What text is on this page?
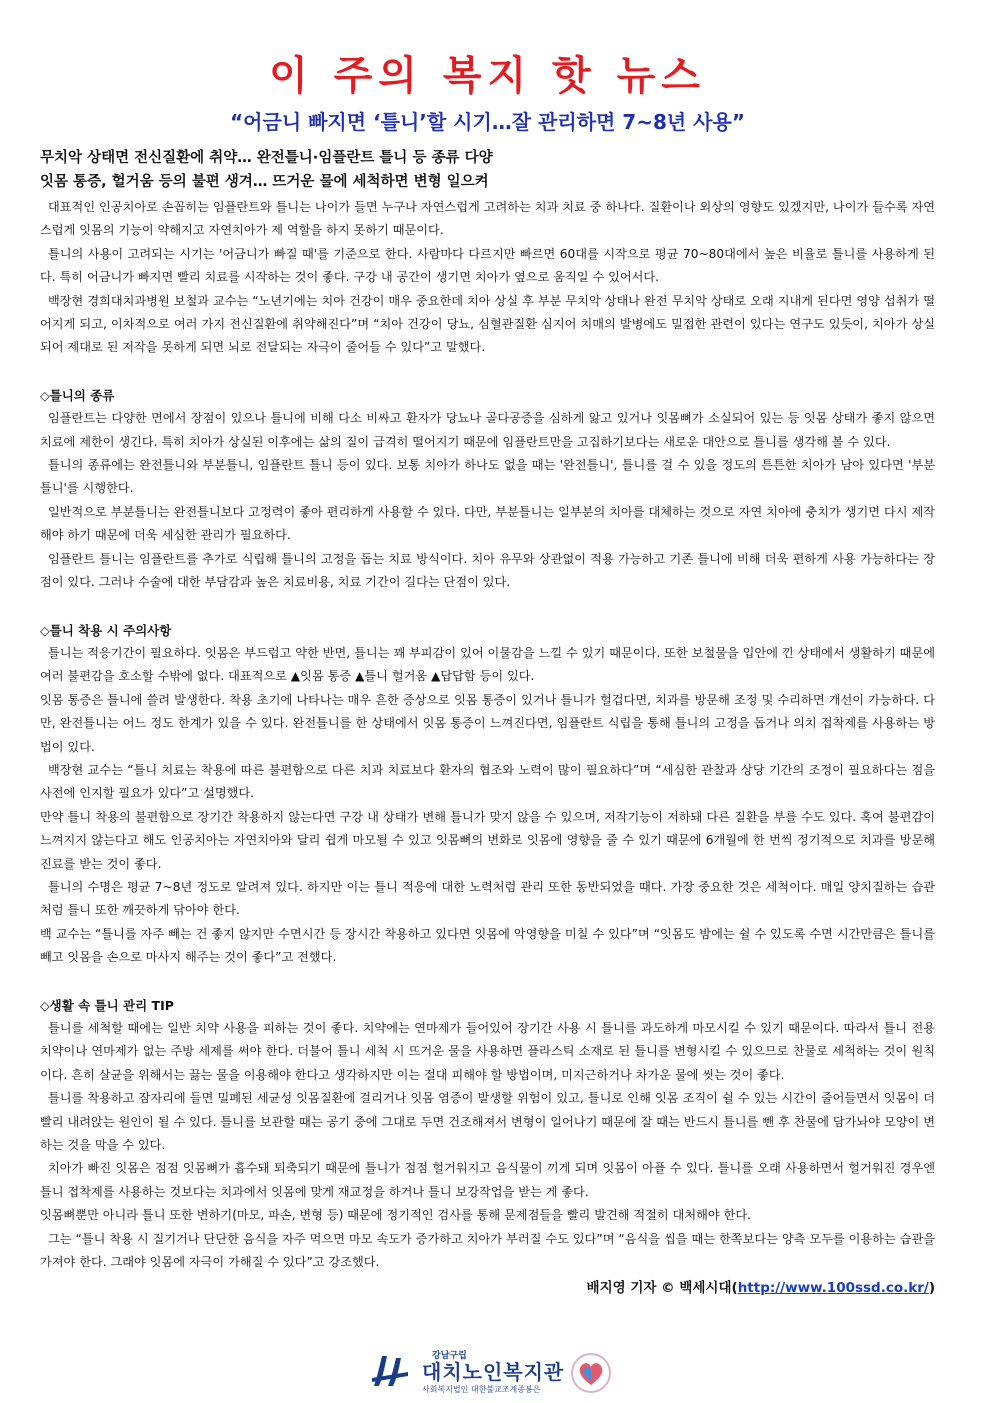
이 주의 복지 핫 뉴스
“어금니 빠지면 ‘틀니’할 시기…잘 관리하면 7~8년 사용”
무치악 상태면 전신질환에 취약… 완전틀니·임플란트 틀니 등 종류 다양
잇몸 통증, 헐거움 등의 불편 생겨… 뜨거운 물에 세척하면 변형 일으켜

대표적인 인공치아로 손꼽히는 임플란트와 틀니는 나이가 들면 누구나 자연스럽게 고려하는 치과 치료 중 하나다. 질환이나 외상의 영향도 있겠지만, 나이가 들수록 자연스럽게 잇몸의 기능이 약해지고 자연치아가 제 역할을 하지 못하기 때문이다.

틀니의 사용이 고려되는 시기는 '어금니가 빠질 때'를 기준으로 한다. 사람마다 다르지만 빠르면 60대를 시작으로 평균 70~80대에서 높은 비율로 틀니를 사용하게 된다. 특히 어금니가 빠지면 빨리 치료를 시작하는 것이 좋다. 구강 내 공간이 생기면 치아가 옆으로 움직일 수 있어서다.

백장현 경희대치과병원 보철과 교수는 “노년기에는 치아 건강이 매우 중요한데 치아 상실 후 부분 무치악 상태나 완전 무치악 상태로 오래 지내게 된다면 영양 섭취가 떨어지게 되고, 이차적으로 여러 가지 전신질환에 취약해진다”며 “치아 건강이 당뇨, 심혈관질환 심지어 치매의 발병에도 밀접한 관련이 있다는 연구도 있듯이, 치아가 상실되어 제대로 된 저작을 못하게 되면 뇌로 전달되는 자극이 줄어들 수 있다”고 말했다.

◇틀니의 종류

임플란트는 다양한 면에서 장점이 있으나 틀니에 비해 다소 비싸고 환자가 당뇨나 골다공증을 심하게 앓고 있거나 잇몸뼈가 소실되어 있는 등 잇몸 상태가 좋지 않으면 치료에 제한이 생긴다. 특히 치아가 상실된 이후에는 삶의 질이 급격히 떨어지기 때문에 임플란트만을 고집하기보다는 새로운 대안으로 틀니를 생각해 볼 수 있다.

틀니의 종류에는 완전틀니와 부분틀니, 임플란트 틀니 등이 있다. 보통 치아가 하나도 없을 때는 '완전틀니', 틀니를 걸 수 있을 정도의 튼튼한 치아가 남아 있다면 '부분틀니'를 시행한다.

일반적으로 부분틀니는 완전틀니보다 고정력이 좋아 편리하게 사용할 수 있다. 다만, 부분틀니는 일부분의 치아를 대체하는 것으로 자연 치아에 충치가 생기면 다시 제작해야 하기 때문에 더욱 세심한 관리가 필요하다.

임플란트 틀니는 임플란트를 추가로 식립해 틀니의 고정을 돕는 치료 방식이다. 치아 유무와 상관없이 적용 가능하고 기존 틀니에 비해 더욱 편하게 사용 가능하다는 장점이 있다. 그러나 수술에 대한 부담감과 높은 치료비용, 치료 기간이 길다는 단점이 있다.

◇틀니 착용 시 주의사항

틀니는 적응기간이 필요하다. 잇몸은 부드럽고 약한 반면, 틀니는 꽤 부피감이 있어 이물감을 느낄 수 있기 때문이다. 또한 보철물을 입안에 낀 상태에서 생활하기 때문에 여러 불편감을 호소할 수밖에 없다. 대표적으로 ▲잇몸 통증 ▲틀니 헐거움 ▲답답함 등이 있다.

잇몸 통증은 틀니에 쓸려 발생한다. 착용 초기에 나타나는 매우 흔한 증상으로 잇몸 통증이 있거나 틀니가 헐겁다면, 치과를 방문해 조정 및 수리하면 개선이 가능하다. 다만, 완전틀니는 어느 정도 한계가 있을 수 있다. 완전틀니를 한 상태에서 잇몸 통증이 느껴진다면, 임플란트 식립을 통해 틀니의 고정을 돕거나 의치 접착제를 사용하는 방법이 있다.

백장현 교수는 “틀니 치료는 착용에 따른 불편함으로 다른 치과 치료보다 환자의 협조와 노력이 많이 필요하다”며 “세심한 관찰과 상당 기간의 조정이 필요하다는 점을 사전에 인지할 필요가 있다”고 설명했다.

만약 틀니 착용의 불편함으로 장기간 착용하지 않는다면 구강 내 상태가 변해 틀니가 맞지 않을 수 있으며, 저작기능이 저하돼 다른 질환을 부를 수도 있다. 혹여 불편감이 느껴지지 않는다고 해도 인공치아는 자연치아와 달리 쉽게 마모될 수 있고 잇몸뼈의 변화로 잇몸에 영향을 줄 수 있기 때문에 6개월에 한 번씩 정기적으로 치과를 방문해 진료를 받는 것이 좋다.

틀니의 수명은 평균 7~8년 정도로 알려져 있다. 하지만 이는 틀니 적응에 대한 노력처럼 관리 또한 동반되었을 때다. 가장 중요한 것은 세척이다. 매일 양치질하는 습관처럼 틀니 또한 깨끗하게 닦아야 한다.

백 교수는 “틀니를 자주 빼는 건 좋지 않지만 수면시간 등 장시간 착용하고 있다면 잇몸에 악영향을 미칠 수 있다”며 “잇몸도 밤에는 쉴 수 있도록 수면 시간만큼은 틀니를 빼고 잇몸을 손으로 마사지 해주는 것이 좋다”고 전했다.

◇생활 속 틀니 관리 TIP

틀니를 세척할 때에는 일반 치약 사용을 피하는 것이 좋다. 치약에는 연마제가 들어있어 장기간 사용 시 틀니를 과도하게 마모시킬 수 있기 때문이다. 따라서 틀니 전용 치약이나 연마제가 없는 주방 세제를 써야 한다. 더불어 틀니 세척 시 뜨거운 물을 사용하면 플라스틱 소재로 된 틀니를 변형시킬 수 있으므로 찬물로 세척하는 것이 원칙이다. 흔히 살균을 위해서는 끓는 물을 이용해야 한다고 생각하지만 이는 절대 피해야 할 방법이며, 미지근하거나 차가운 물에 씻는 것이 좋다.

틀니를 착용하고 잠자리에 들면 밀폐된 세균성 잇몸질환에 걸리거나 잇몸 염증이 발생할 위험이 있고, 틀니로 인해 잇몸 조직이 쉴 수 있는 시간이 줄어들면서 잇몸이 더 빨리 내려앉는 원인이 될 수 있다. 틀니를 보관할 때는 공기 중에 그대로 두면 건조해져서 변형이 일어나기 때문에 잘 때는 반드시 틀니를 뺀 후 찬물에 담가놔야 모양이 변하는 것을 막을 수 있다.

치아가 빠진 잇몸은 점점 잇몸뼈가 흡수돼 퇴축되기 때문에 틀니가 점점 헐거워지고 음식물이 끼게 되며 잇몸이 아플 수 있다. 틀니를 오래 사용하면서 헐거워진 경우엔 틀니 접착제를 사용하는 것보다는 치과에서 잇몸에 맞게 재교정을 하거나 틀니 보강작업을 받는 게 좋다.

잇몸뼈뿐만 아니라 틀니 또한 변하기(마모, 파손, 변형 등) 때문에 정기적인 검사를 통해 문제점들을 빨리 발견해 적절히 대처해야 한다.

그는 “틀니 착용 시 질기거나 단단한 음식을 자주 먹으면 마모 속도가 증가하고 치아가 부러질 수도 있다”며 “음식을 씹을 때는 한쪽보다는 양측 모두를 이용하는 습관을 가져야 한다. 그래야 잇몸에 자극이 가해질 수 있다”고 강조했다.

배지영 기자 © 백세시대(http://www.100ssd.co.kr/)
강남구립
대치노인복지관
사회복지법인 대한불교조계종봉은
